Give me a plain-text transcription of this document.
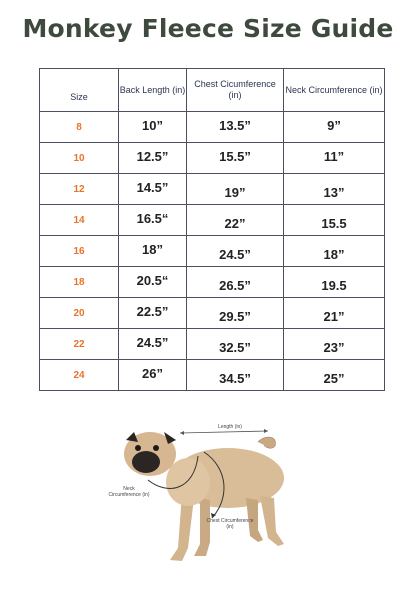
Monkey Fleece Size Guide
Size	Back Length (in)	Chest Cicumference (in)	Neck Circumference (in)
8	10”	13.5”	9”
10	12.5”	15.5”	11”
12	14.5”	19”	13”
14	16.5“	22”	15.5
16	18”	24.5”	18”
18	20.5“	26.5”	19.5
20	22.5”	29.5”	21”
22	24.5”	32.5”	23”
24	26”	34.5”	25”
Length (in)
Neck Circumference (in)
Chest Circumference (in)
